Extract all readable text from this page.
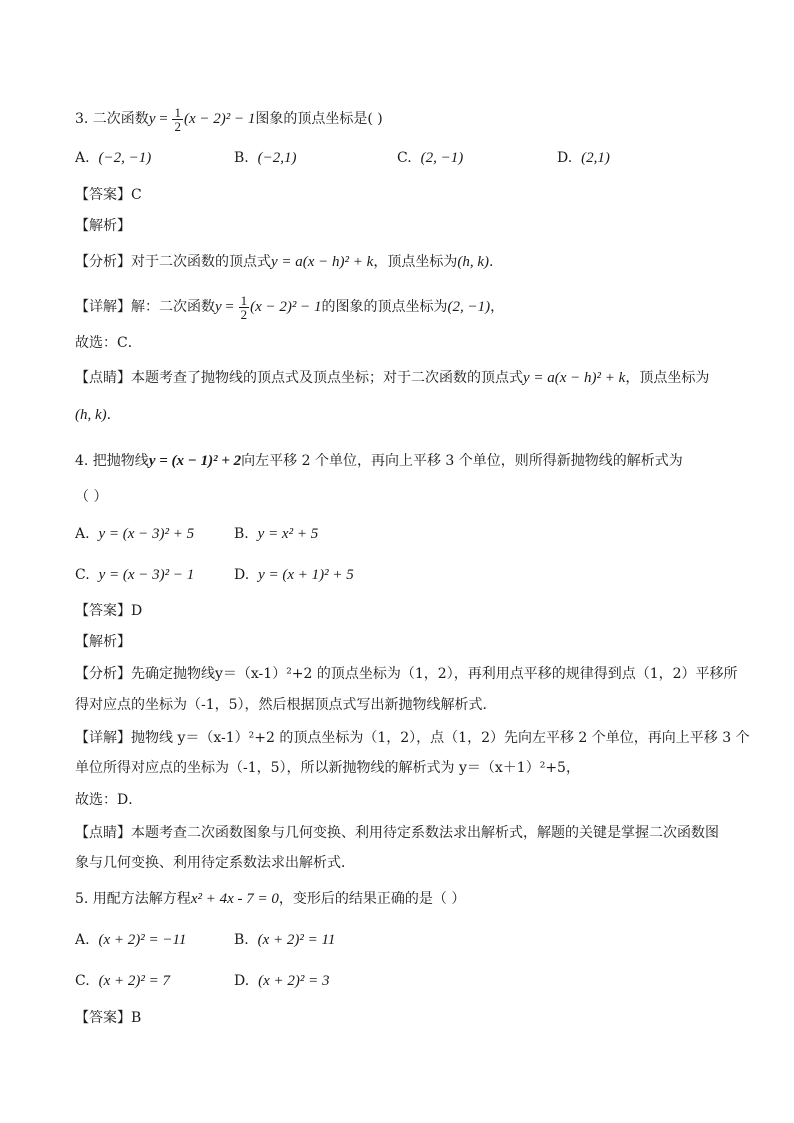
3. 二次函数$y = \frac{1}{2} (x - 2)^2 - 1$图象的顶点坐标是( )
A. (−2, −1)	B. (−2,1)	C. (2, −1)	D. (2,1)
【答案】C
【解析】
【分析】对于二次函数的顶点式y = a(x − h)² + k，顶点坐标为(h, k).
【详解】解：二次函数$y = \frac{1}{2} (x - 2)^2 - 1$的图象的顶点坐标为(2, −1)，
故选：C．
【点睛】本题考查了抛物线的顶点式及顶点坐标；对于二次函数的顶点式y = a(x − h)² + k，顶点坐标为
(h, k).
4. 把抛物线y = (x − 1)² + 2向左平移 2 个单位，再向上平移 3 个单位，则所得新抛物线的解析式为
（ ）
A. y = (x − 3)² + 5	B. y = x² + 5
C. y = (x − 3)² − 1	D. y = (x + 1)² + 5
【答案】D
【解析】
【分析】先确定抛物线y＝（x-1）²+2 的顶点坐标为（1，2），再利用点平移的规律得到点（1，2）平移所
得对应点的坐标为（-1，5），然后根据顶点式写出新抛物线解析式．
【详解】抛物线 y＝（x-1）²+2 的顶点坐标为（1，2），点（1，2）先向左平移 2 个单位，再向上平移 3 个
单位所得对应点的坐标为（-1，5），所以新抛物线的解析式为 y＝（x＋1）²+5，
故选：D．
【点睛】本题考查二次函数图象与几何变换、利用待定系数法求出解析式，解题的关键是掌握二次函数图
象与几何变换、利用待定系数法求出解析式．
5. 用配方法解方程x² + 4x - 7 = 0，变形后的结果正确的是（ ）
A. (x + 2)² = −11	B. (x + 2)² = 11
C. (x + 2)² = 7	D. (x + 2)² = 3
【答案】B
